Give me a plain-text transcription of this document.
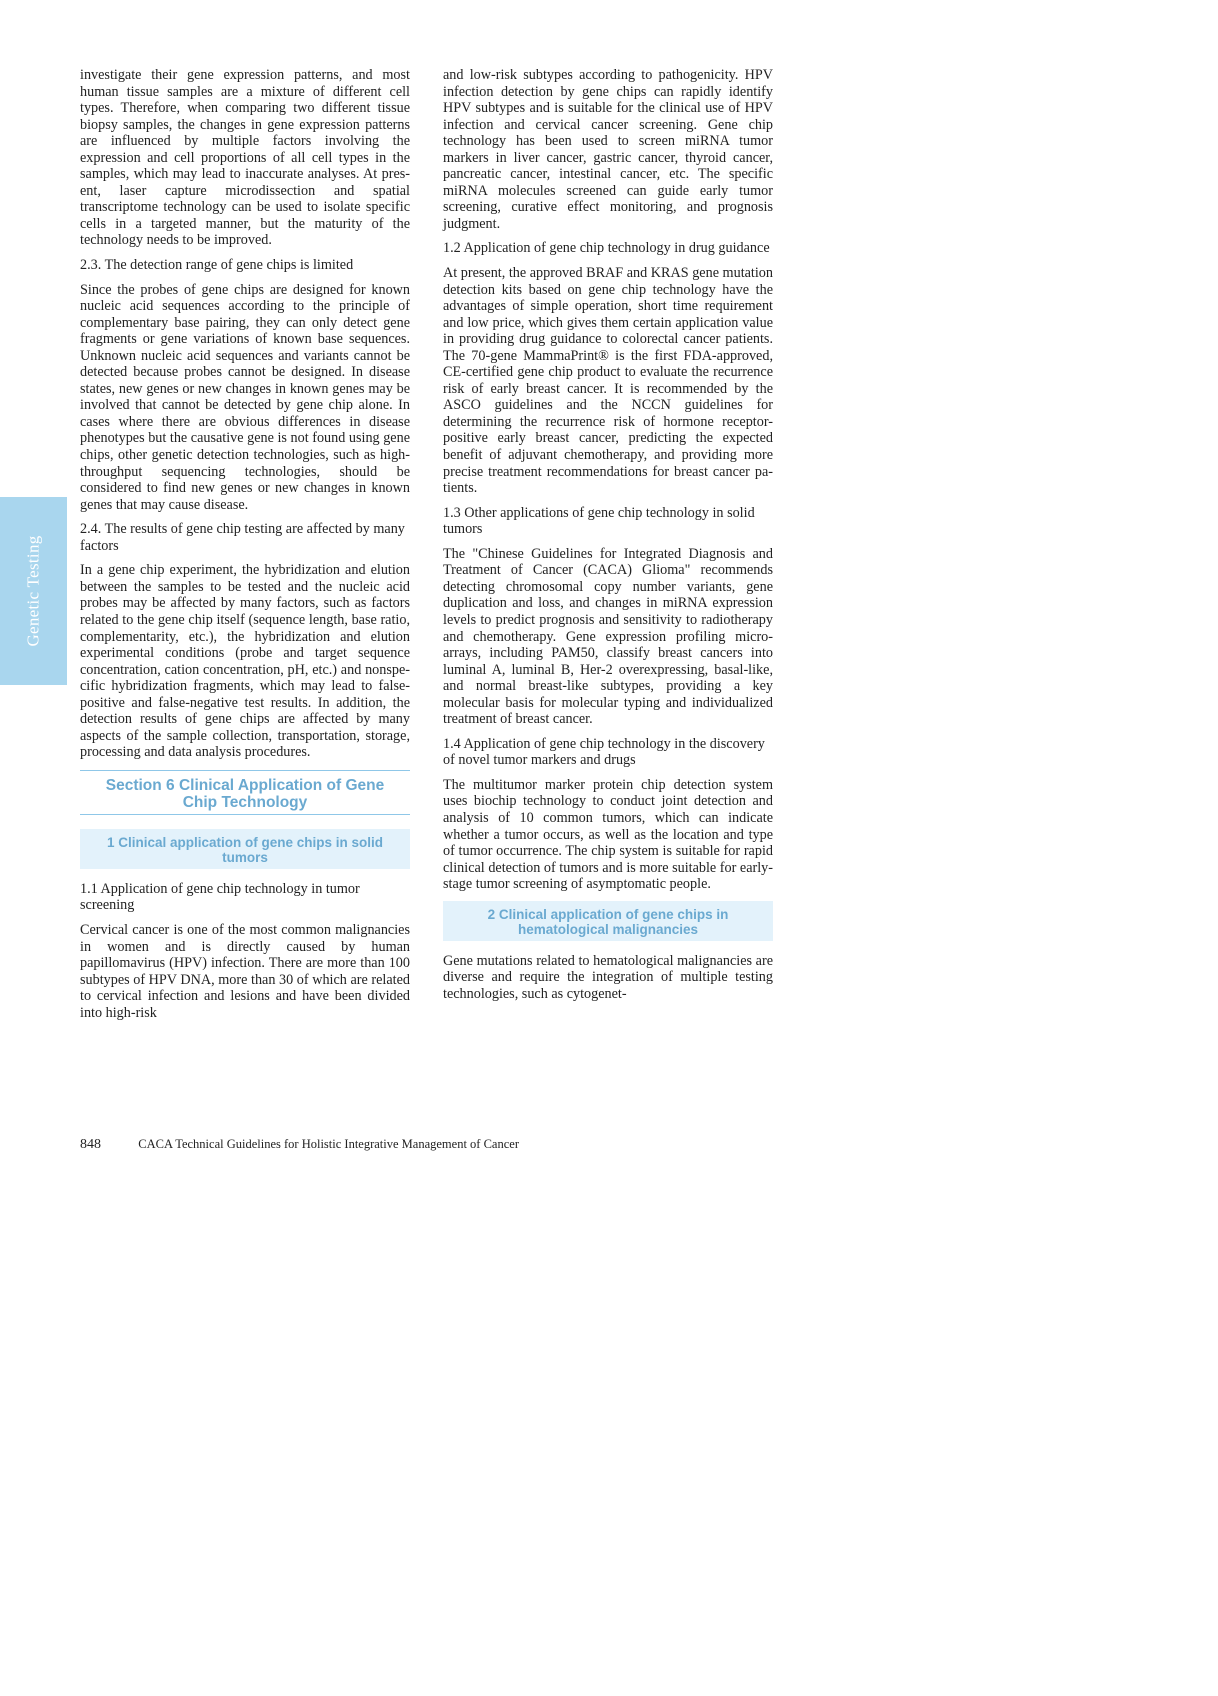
Genetic Testing

investigate their gene expression patterns, and most human tissue samples are a mixture of different cell types. Therefore, when comparing two different tissue biopsy samples, the changes in gene expression patterns are influenced by multiple factors involving the expression and cell proportions of all cell types in the samples, which may lead to inaccurate analyses. At present, laser capture microdissection and spatial transcriptome technology can be used to isolate specific cells in a targeted manner, but the maturity of the technology needs to be improved.

2.3. The detection range of gene chips is limited

Since the probes of gene chips are designed for known nucleic acid sequences according to the principle of complementary base pairing, they can only detect gene fragments or gene variations of known base sequences. Unknown nucleic acid sequences and variants cannot be detected because probes cannot be designed. In disease states, new genes or new changes in known genes may be involved that cannot be detected by gene chip alone. In cases where there are obvious differences in disease phenotypes but the causative gene is not found using gene chips, other genetic detection technologies, such as high-throughput sequencing technologies, should be considered to find new genes or new changes in known genes that may cause disease.

2.4. The results of gene chip testing are affected by many factors

In a gene chip experiment, the hybridization and elution between the samples to be tested and the nucleic acid probes may be affected by many factors, such as factors related to the gene chip itself (sequence length, base ratio, complementarity, etc.), the hybridization and elution experimental conditions (probe and target sequence concentration, cation concentration, pH, etc.) and nonspecific hybridization fragments, which may lead to false-positive and false-negative test results. In addition, the detection results of gene chips are affected by many aspects of the sample collection, transportation, storage, processing and data analysis procedures.

Section 6 Clinical Application of Gene Chip Technology
1 Clinical application of gene chips in solid tumors

1.1 Application of gene chip technology in tumor screening

Cervical cancer is one of the most common malignancies in women and is directly caused by human papillomavirus (HPV) infection. There are more than 100 subtypes of HPV DNA, more than 30 of which are related to cervical infection and lesions and have been divided into high-risk

and low-risk subtypes according to pathogenicity. HPV infection detection by gene chips can rapidly identify HPV subtypes and is suitable for the clinical use of HPV infection and cervical cancer screening. Gene chip technology has been used to screen miRNA tumor markers in liver cancer, gastric cancer, thyroid cancer, pancreatic cancer, intestinal cancer, etc. The specific miRNA molecules screened can guide early tumor screening, curative effect monitoring, and prognosis judgment.

1.2 Application of gene chip technology in drug guidance

At present, the approved BRAF and KRAS gene mutation detection kits based on gene chip technology have the advantages of simple operation, short time requirement and low price, which gives them certain application value in providing drug guidance to colorectal cancer patients. The 70-gene MammaPrint® is the first FDA-approved, CE-certified gene chip product to evaluate the recurrence risk of early breast cancer. It is recommended by the ASCO guidelines and the NCCN guidelines for determining the recurrence risk of hormone receptor-positive early breast cancer, predicting the expected benefit of adjuvant chemotherapy, and providing more precise treatment recommendations for breast cancer patients.

1.3 Other applications of gene chip technology in solid tumors

The "Chinese Guidelines for Integrated Diagnosis and Treatment of Cancer (CACA) Glioma" recommends detecting chromosomal copy number variants, gene duplication and loss, and changes in miRNA expression levels to predict prognosis and sensitivity to radiotherapy and chemotherapy. Gene expression profiling microarrays, including PAM50, classify breast cancers into luminal A, luminal B, Her-2 overexpressing, basal-like, and normal breast-like subtypes, providing a key molecular basis for molecular typing and individualized treatment of breast cancer.

1.4 Application of gene chip technology in the discovery of novel tumor markers and drugs

The multitumor marker protein chip detection system uses biochip technology to conduct joint detection and analysis of 10 common tumors, which can indicate whether a tumor occurs, as well as the location and type of tumor occurrence. The chip system is suitable for rapid clinical detection of tumors and is more suitable for early-stage tumor screening of asymptomatic people.

2 Clinical application of gene chips in hematological malignancies

Gene mutations related to hematological malignancies are diverse and require the integration of multiple testing technologies, such as cytogenet-

848	CACA Technical Guidelines for Holistic Integrative Management of Cancer
